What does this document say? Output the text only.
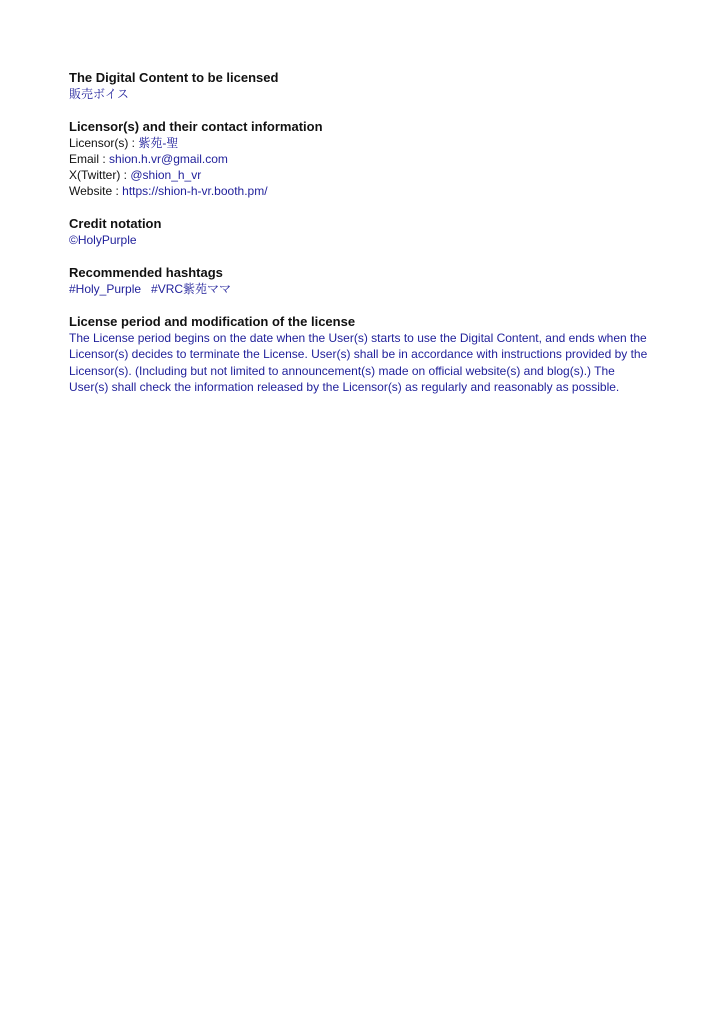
The Digital Content to be licensed
販売ボイス
Licensor(s) and their contact information
Licensor(s) : 紫苑-聖
Email : shion.h.vr@gmail.com
X(Twitter) : @shion_h_vr
Website : https://shion-h-vr.booth.pm/
Credit notation
©HolyPurple
Recommended hashtags
#Holy_Purple #VRC紫苑ママ
License period and modification of the license
The License period begins on the date when the User(s) starts to use the Digital Content, and ends when the Licensor(s) decides to terminate the License. User(s) shall be in accordance with instructions provided by the Licensor(s). (Including but not limited to announcement(s) made on official website(s) and blog(s).) The User(s) shall check the information released by the Licensor(s) as regularly and reasonably as possible.
